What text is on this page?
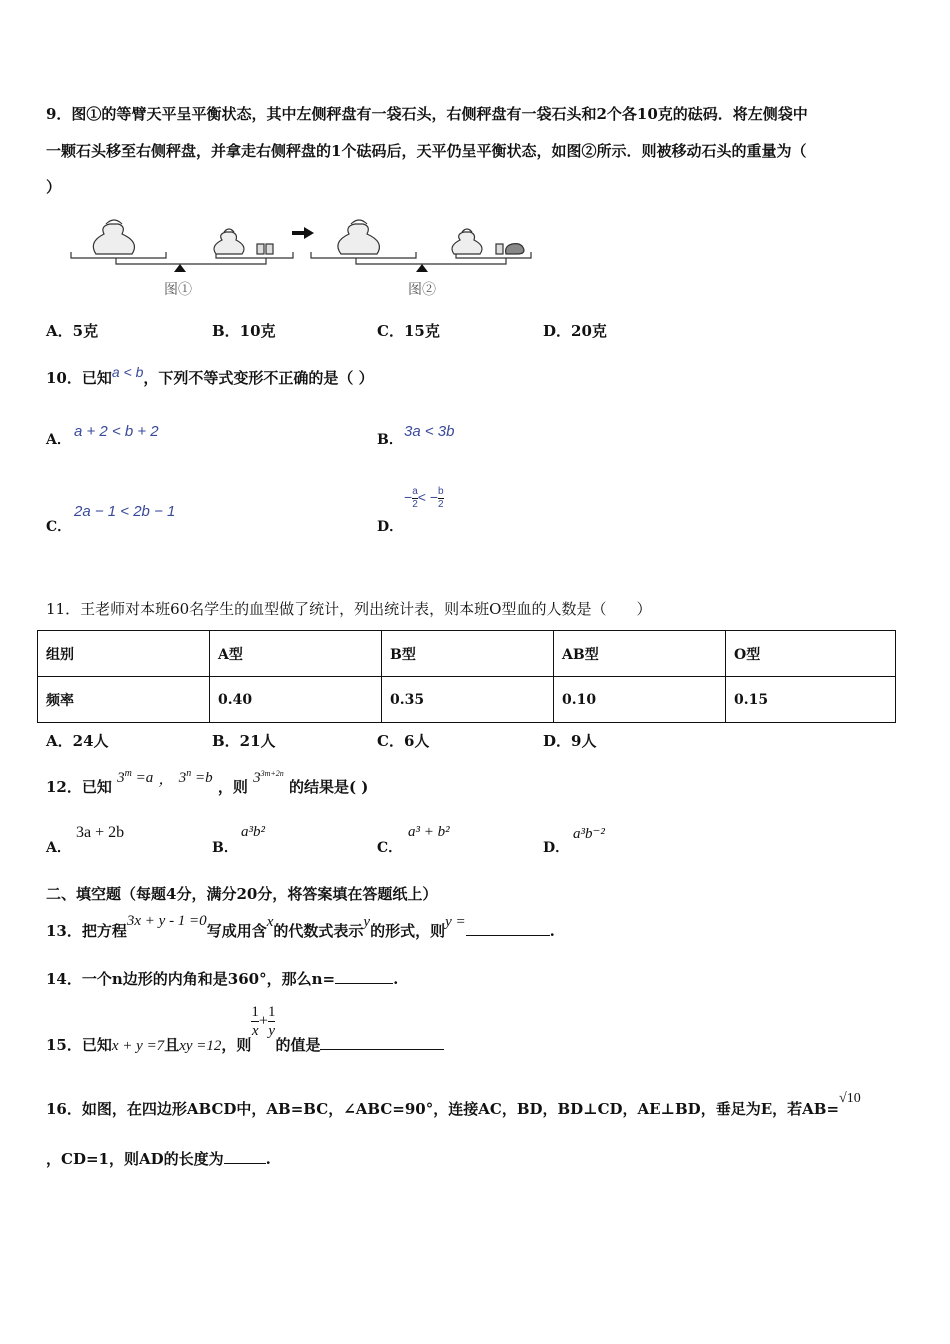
9．图①的等臂天平呈平衡状态，其中左侧秤盘有一袋石头，右侧秤盘有一袋石头和2个各10克的砝码．将左侧袋中
一颗石头移至右侧秤盘，并拿走右侧秤盘的1个砝码后，天平仍呈平衡状态，如图②所示．则被移动石头的重量为（
）
图①	图②
A．5克	B．10克	C．15克	D．20克
10．已知a < b，下列不等式变形不正确的是（ ）
A． a + 2 < b + 2	B． 3a < 3b
C．
2a − 1 < 2b − 1
D．
− $\frac{a}{2}$ < − $\frac{b}{2}$
11．王老师对本班60名学生的血型做了统计，列出统计表，则本班O型血的人数是（　　）
组别	A型	B型	AB型	O型
频率	0.40	0.35	0.10	0.15
A．24人	B．21人	C．6人	D．9人
12．已知 $3^m =a$ ， $3^n =b$ ，则 $3^{3m+2n}$ 的结果是( )
A．
3a + 2b
B．
a³b²
C．
a³ + b²
D．
a³b⁻²
二、填空题（每题4分，满分20分，将答案填在答题纸上）
13．把方程3x + y - 1 =0写成用含x的代数式表示y的形式，则y =	.
14．一个n边形的内角和是360°，那么n=	.
15．已知x + y =7且xy =12，则
$\frac{1}{x} + \frac{1}{y}$
的值是
16．如图，在四边形ABCD中，AB=BC，∠ABC=90°，连接AC，BD，BD⊥CD，AE⊥BD，垂足为E，若AB=√10
，CD=1，则AD的长度为	.
